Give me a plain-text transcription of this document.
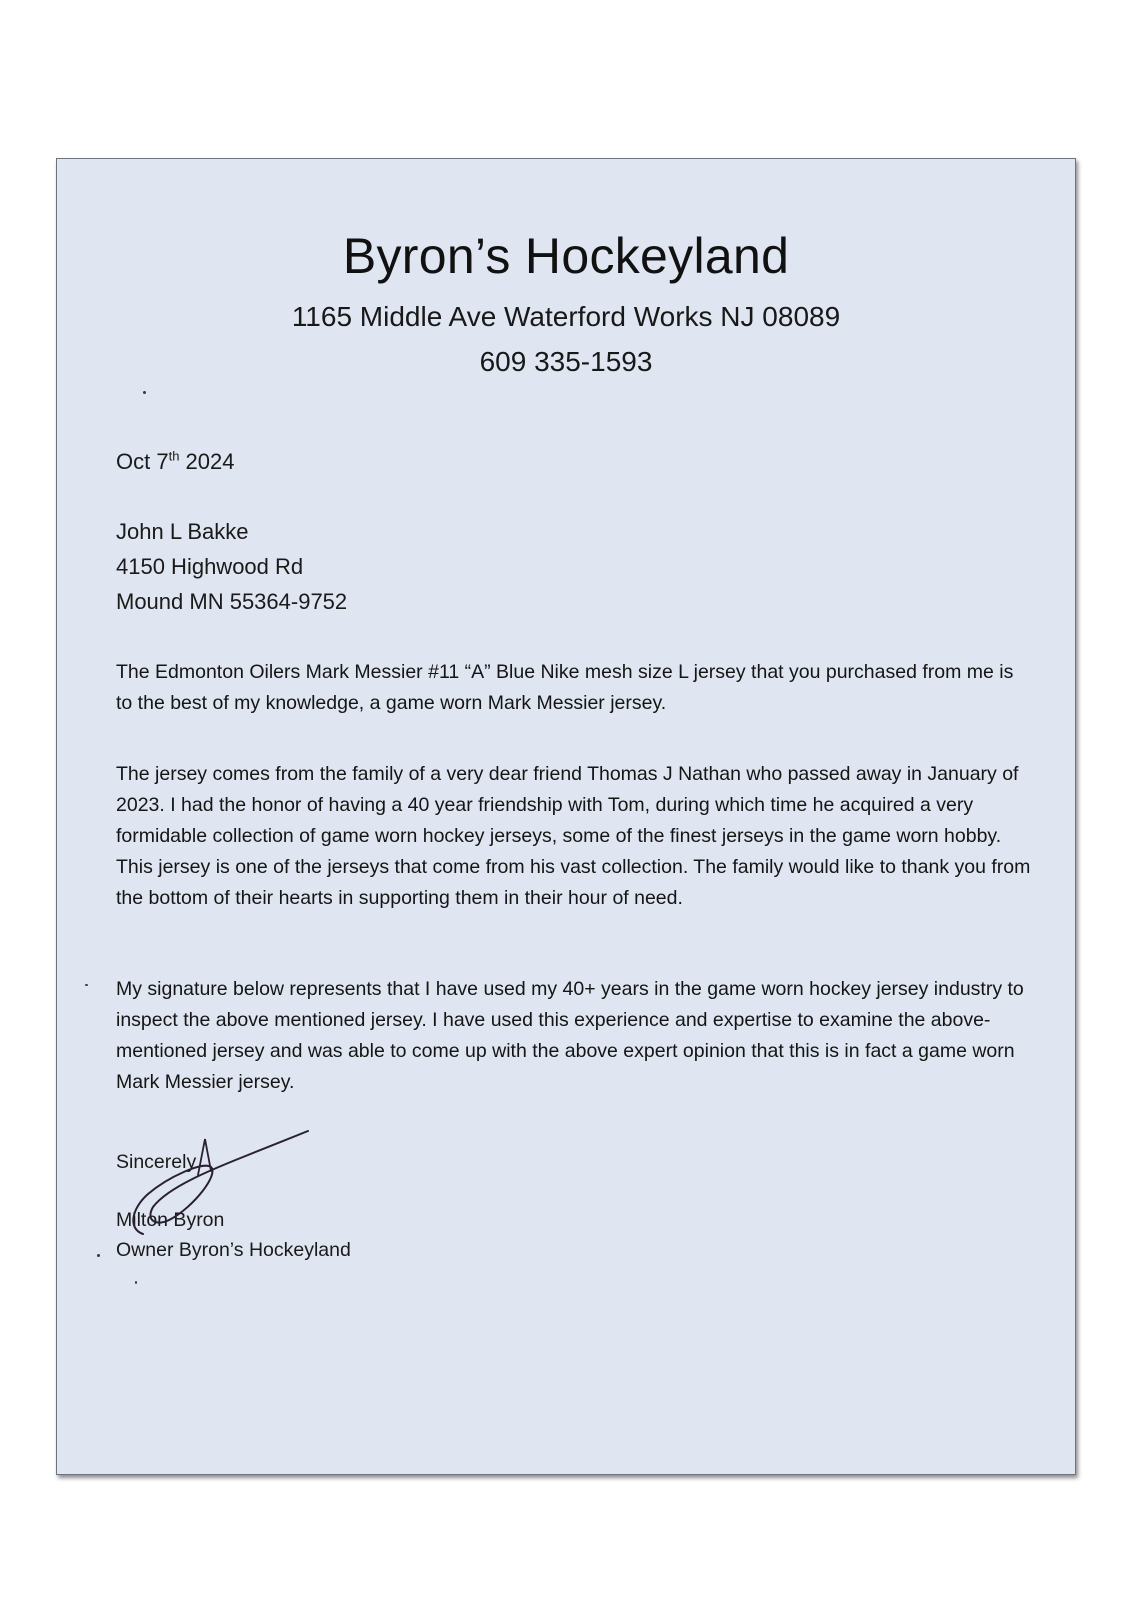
Byron’s Hockeyland
1165 Middle Ave Waterford Works NJ 08089
609 335-1593
Oct 7th 2024
John L Bakke
4150 Highwood Rd
Mound MN 55364-9752

The Edmonton Oilers Mark Messier #11 “A” Blue Nike mesh size L jersey that you purchased from me is to the best of my knowledge, a game worn Mark Messier jersey.

The jersey comes from the family of a very dear friend Thomas J Nathan who passed away in January of 2023. I had the honor of having a 40 year friendship with Tom, during which time he acquired a very formidable collection of game worn hockey jerseys, some of the finest jerseys in the game worn hobby. This jersey is one of the jerseys that come from his vast collection. The family would like to thank you from the bottom of their hearts in supporting them in their hour of need.

My signature below represents that I have used my 40+ years in the game worn hockey jersey industry to inspect the above mentioned jersey. I have used this experience and expertise to examine the above-mentioned jersey and was able to come up with the above expert opinion that this is in fact a game worn Mark Messier jersey.

Sincerely
Milton Byron
Owner Byron’s Hockeyland
